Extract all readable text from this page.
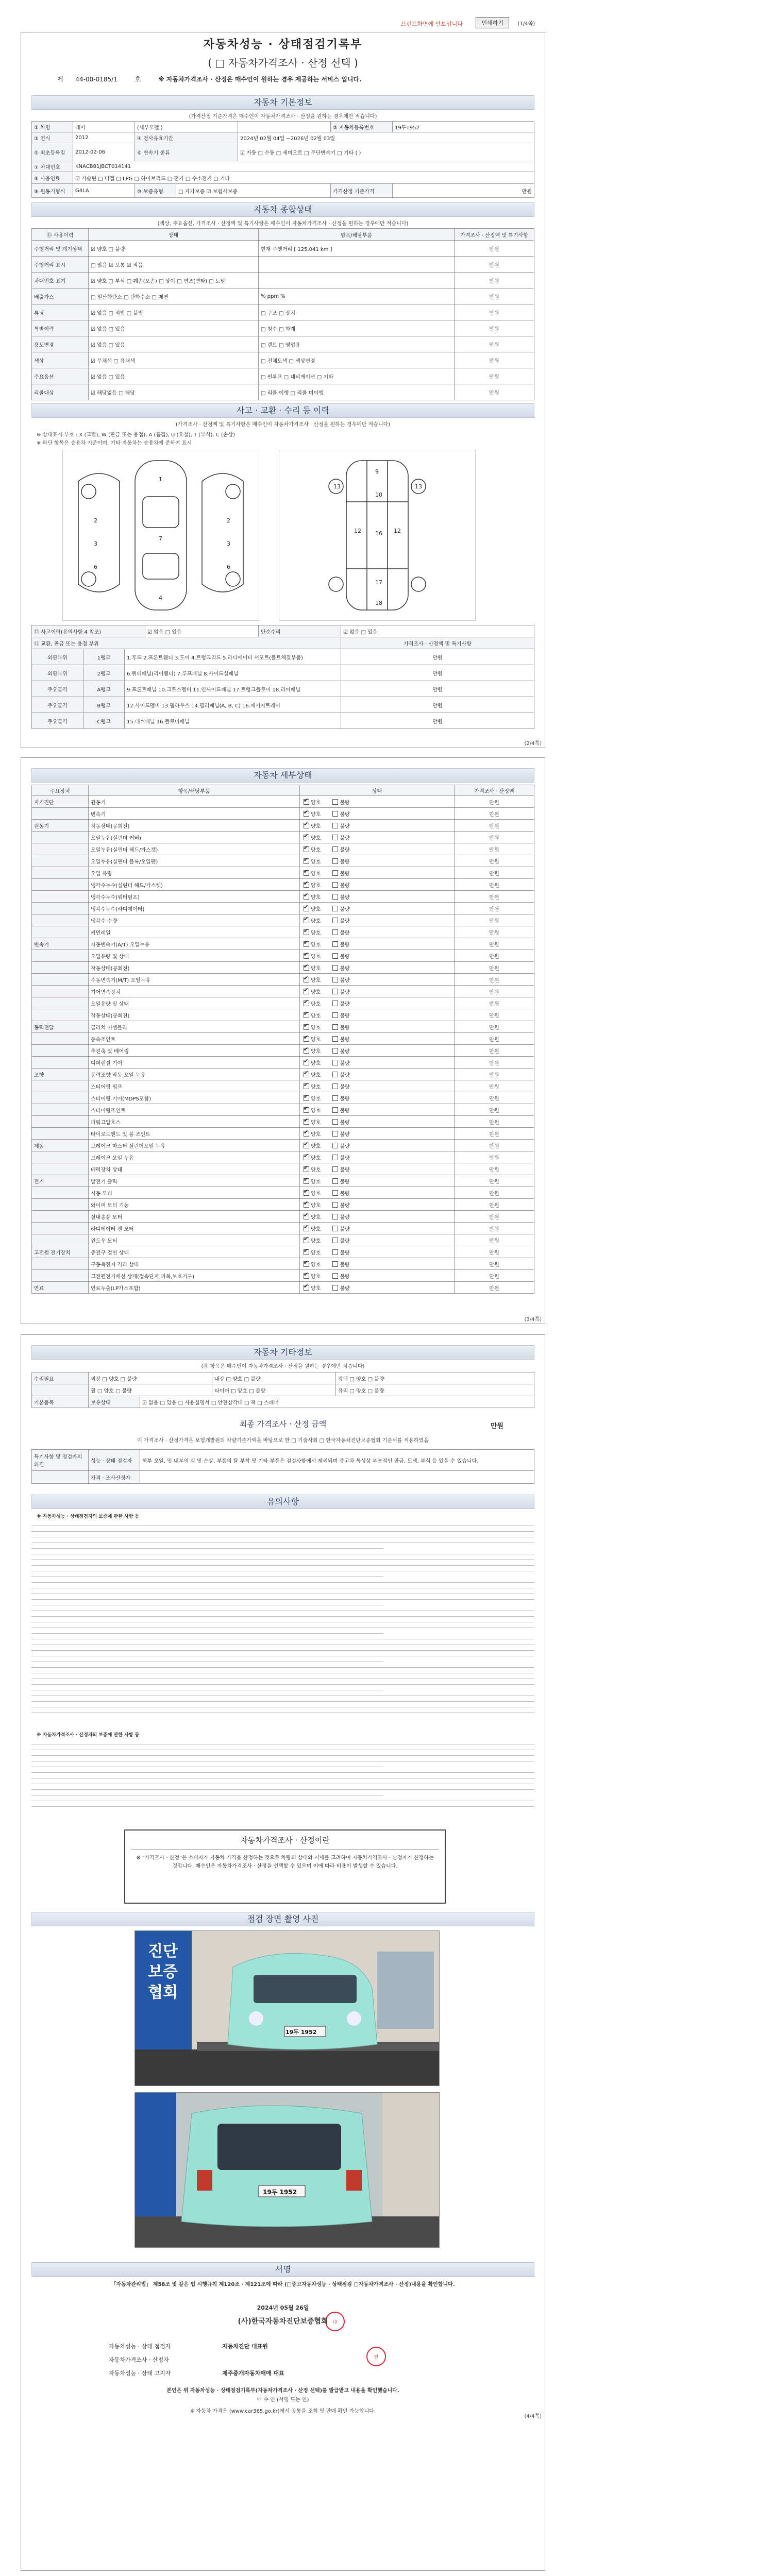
프린트화면에 안보입니다	인쇄하기	(1/4쪽)
자동차성능 · 상태점검기록부
( □ 자동차가격조사 · 산정 선택 )
제 44-00-0185/1	호	※ 자동차가격조사 · 산정은 매수인이 원하는 경우 제공하는 서비스 입니다.
자동차 기본정보
(가격산정 기준가격은 매수인이 자동차가격조사 · 산정을 원하는 경우에만 적습니다)
① 차명	레이	(세부모델 )	② 자동차등록번호	19두1952
③ 연식	2012	④ 검사유효기간	2024년 02월 04일 ~2026년 02월 03일
⑤ 최초등록일	2012-02-06	⑥ 변속기 종류	☑ 자동 □ 수동 □ 세미오토 □ 무단변속기 □ 기타 ( )
⑦ 차대번호	KNACB81JBCT014141
⑧ 사용연료	☑ 가솔린 □ 디젤 □ LPG □ 하이브리드 □ 전기 □ 수소전기 □ 기타
⑨ 원동기형식	G4LA	⑩ 보증유형	□ 자가보증 ☑ 보험사보증	가격산정 기준가격	만원
자동차 종합상태
(색상, 주요옵션, 가격조사 · 산정액 및 특기사항은 매수인이 자동차가격조사 · 산정을 원하는 경우에만 적습니다)
⑪ 사용이력	상태	항목/해당부품	가격조사 · 산정액 및 특기사항
주행거리 및 계기상태	☑ 양호 □ 불량	현재 주행거리 [ 125,041 km ]	만원
주행거리 표시	□ 많음 ☑ 보통 ☑ 적음	만원
차대번호 표기	☑ 양호 □ 부식 □ 훼손(오손) □ 상이 □ 변조(변타) □ 도말	만원
배출가스	□ 일산화탄소 □ 탄화수소 □ 매연	% ppm %	만원
튜닝	☑ 없음 □ 적법 □ 불법	□ 구조 □ 장치	만원
특별이력	☑ 없음 □ 있음	□ 침수 □ 화재	만원
용도변경	☑ 없음 □ 있음	□ 렌트 □ 영업용	만원
색상	☑ 무채색 □ 유채색	□ 전체도색 □ 색상변경	만원
주요옵션	☑ 없음 □ 있음	□ 썬루프 □ 네비게이션 □ 기타	만원
리콜대상	☑ 해당없음 □ 해당	□ 리콜 이행 □ 리콜 미이행	만원
사고 · 교환 · 수리 등 이력
(가격조사 · 산정액 및 특기사항은 매수인이 자동차가격조사 · 산정을 원하는 경우에만 적습니다)
※ 상태표시 부호 : X (교환), W (판금 또는 용접), A (흠집), U (요철), T (부식), C (손상)
※ 하단 항목은 승용차 기준이며, 기타 자동차는 승용차에 준하여 표시
1
2	2
3	3
4
7
6	6
9
10
12	12
16
17
18
13	13
⑫ 사고이력(유의사항 4 참조)	☑ 없음 □ 있음	단순수리	☑ 없음 □ 있음
⑬ 교환, 판금 또는 용접 부위	가격조사 · 산정액 및 특기사항
외판부위	1랭크	1.후드 2.프론트휀더 3.도어 4.트렁크리드 5.라디에이터 서포트(볼트체결부품)	만원
외판부위	2랭크	6.쿼터패널(리어휀더) 7.루프패널 8.사이드실패널	만원
주요골격	A랭크	9.프론트패널 10.크로스멤버 11.인사이드패널 17.트렁크플로어 18.리어패널	만원
주요골격	B랭크	12.사이드멤버 13.휠하우스 14.필러패널(A, B, C) 16.패키지트레이	만원
주요골격	C랭크	15.대쉬패널 16.플로어패널	만원
(2/4쪽)
자동차 세부상태
주요장치	항목/해당부품	상태	가격조사 · 산정액
자기진단	원동기 ✔	양호	불량	만원
변속기 ✔	양호	불량	만원
원동기	작동상태(공회전) ✔	양호	불량	만원
오일누유(실린더 커버) ✔	양호	불량	만원
오일누유(실린더 헤드/가스켓) ✔	양호	불량	만원
오일누유(실린더 블록/오일팬) ✔	양호	불량	만원
오일 유량 ✔	양호	불량	만원
냉각수누수(실린더 헤드/가스켓) ✔	양호	불량	만원
냉각수누수(워터펌프) ✔	양호	불량	만원
냉각수누수(라디에이터) ✔	양호	불량	만원
냉각수 수량 ✔	양호	불량	만원
커먼레일 ✔	양호	불량	만원
변속기	자동변속기(A/T) 오일누유 ✔	양호	불량	만원
오일유량 및 상태 ✔	양호	불량	만원
작동상태(공회전) ✔	양호	불량	만원
수동변속기(M/T) 오일누유 ✔	양호	불량	만원
기어변속장치 ✔	양호	불량	만원
오일유량 및 상태 ✔	양호	불량	만원
작동상태(공회전) ✔	양호	불량	만원
동력전달	클러치 어셈블리 ✔	양호	불량	만원
등속조인트 ✔	양호	불량	만원
추진축 및 베어링 ✔	양호	불량	만원
디퍼렌셜 기어 ✔	양호	불량	만원
조향	동력조향 작동 오일 누유 ✔	양호	불량	만원
스티어링 펌프 ✔	양호	불량	만원
스티어링 기어(MDPS포함) ✔	양호	불량	만원
스티어링조인트 ✔	양호	불량	만원
파워고압호스 ✔	양호	불량	만원
타이로드엔드 및 볼 조인트 ✔	양호	불량	만원
제동	브레이크 마스터 실린더오일 누유 ✔	양호	불량	만원
브레이크 오일 누유 ✔	양호	불량	만원
배력장치 상태 ✔	양호	불량	만원
전기	발전기 출력 ✔	양호	불량	만원
시동 모터 ✔	양호	불량	만원
와이퍼 모터 기능 ✔	양호	불량	만원
실내송풍 모터 ✔	양호	불량	만원
라디에이터 팬 모터 ✔	양호	불량	만원
윈도우 모터 ✔	양호	불량	만원
고전원 전기장치	충전구 절연 상태 ✔	양호	불량	만원
구동축전지 격리 상태 ✔	양호	불량	만원
고전원전기배선 상태(접속단자,피복,보호기구) ✔	양호	불량	만원
연료	연료누출(LP가스포함) ✔	양호	불량	만원
(3/4쪽)
자동차 기타정보
(⑪ 항목은 매수인이 자동차가격조사 · 산정을 원하는 경우에만 적습니다)
수리필요	외장 □ 양호 □ 불량	내장 □ 양호 □ 불량	광택 □ 양호 □ 불량
휠 □ 양호 □ 불량	타이어 □ 양호 □ 불량	유리 □ 양호 □ 불량
기본품목	보유상태	☑ 없음 □ 있음 □ 사용설명서 □ 안전삼각대 □ 잭 □ 스패너
최종 가격조사 · 산정 금액	만원
이 가격조사 · 산정가격은 보험개발원의 차량기준가액을 바탕으로 한 □ 기술사회 □ 한국자동차진단보증협회 기준서를 적용하였음
특기사항 및 점검자의 의견
성능 · 상태 점검자	하부 오일, 및 내부의 실 및 손상, 부품의 탈 부착 및 기타 부품은 점검사항에서 제외되며 중고차 특성상 부분적인 판금, 도색, 부식 등 있을 수 있습니다.
가격 · 조사산정자
유의사항
※ 자동차성능 · 상태점검자의 보증에 관한 사항 등
※ 자동차가격조사 · 산정자의 보증에 관한 사항 등
자동차가격조사 · 산정이란
※ "가격조사 · 산정"은 소비자가 자동차 가격을 산정하는 것으로 차량의 상태와 시세를 고려하여 자동차가격조사 · 산정자가 산정하는 것입니다. 매수인은 자동차가격조사 · 산정을 선택할 수 있으며 이에 따라 비용이 발생할 수 있습니다.
점검 장면 촬영 사진
진단보증협회
19두 1952
19두 1952
서명
「자동차관리법」 제58조 및 같은 법 시행규칙 제120조 · 제121조에 따라 (□중고자동차성능 · 상태점검 □자동차가격조사 · 산정)내용을 확인합니다.
2024년 05월 26일
(사)한국자동차진단보증협회 印
자동차성능 · 상태 점검자	자동차진단 대표원
자동차가격조사 · 산정자
자동차성능 · 상태 고지자	제주중개자동차매매 대표
인
본인은 위 자동차성능 · 상태점검기록부(자동차가격조사 · 산정 선택)를 발급받고 내용을 확인했습니다.
매 수 인 (서명 또는 인)
※ 자동차 가격은 (www.car365.go.kr)에서 공통을 조회 및 판매 확인 가능합니다.
(4/4쪽)
